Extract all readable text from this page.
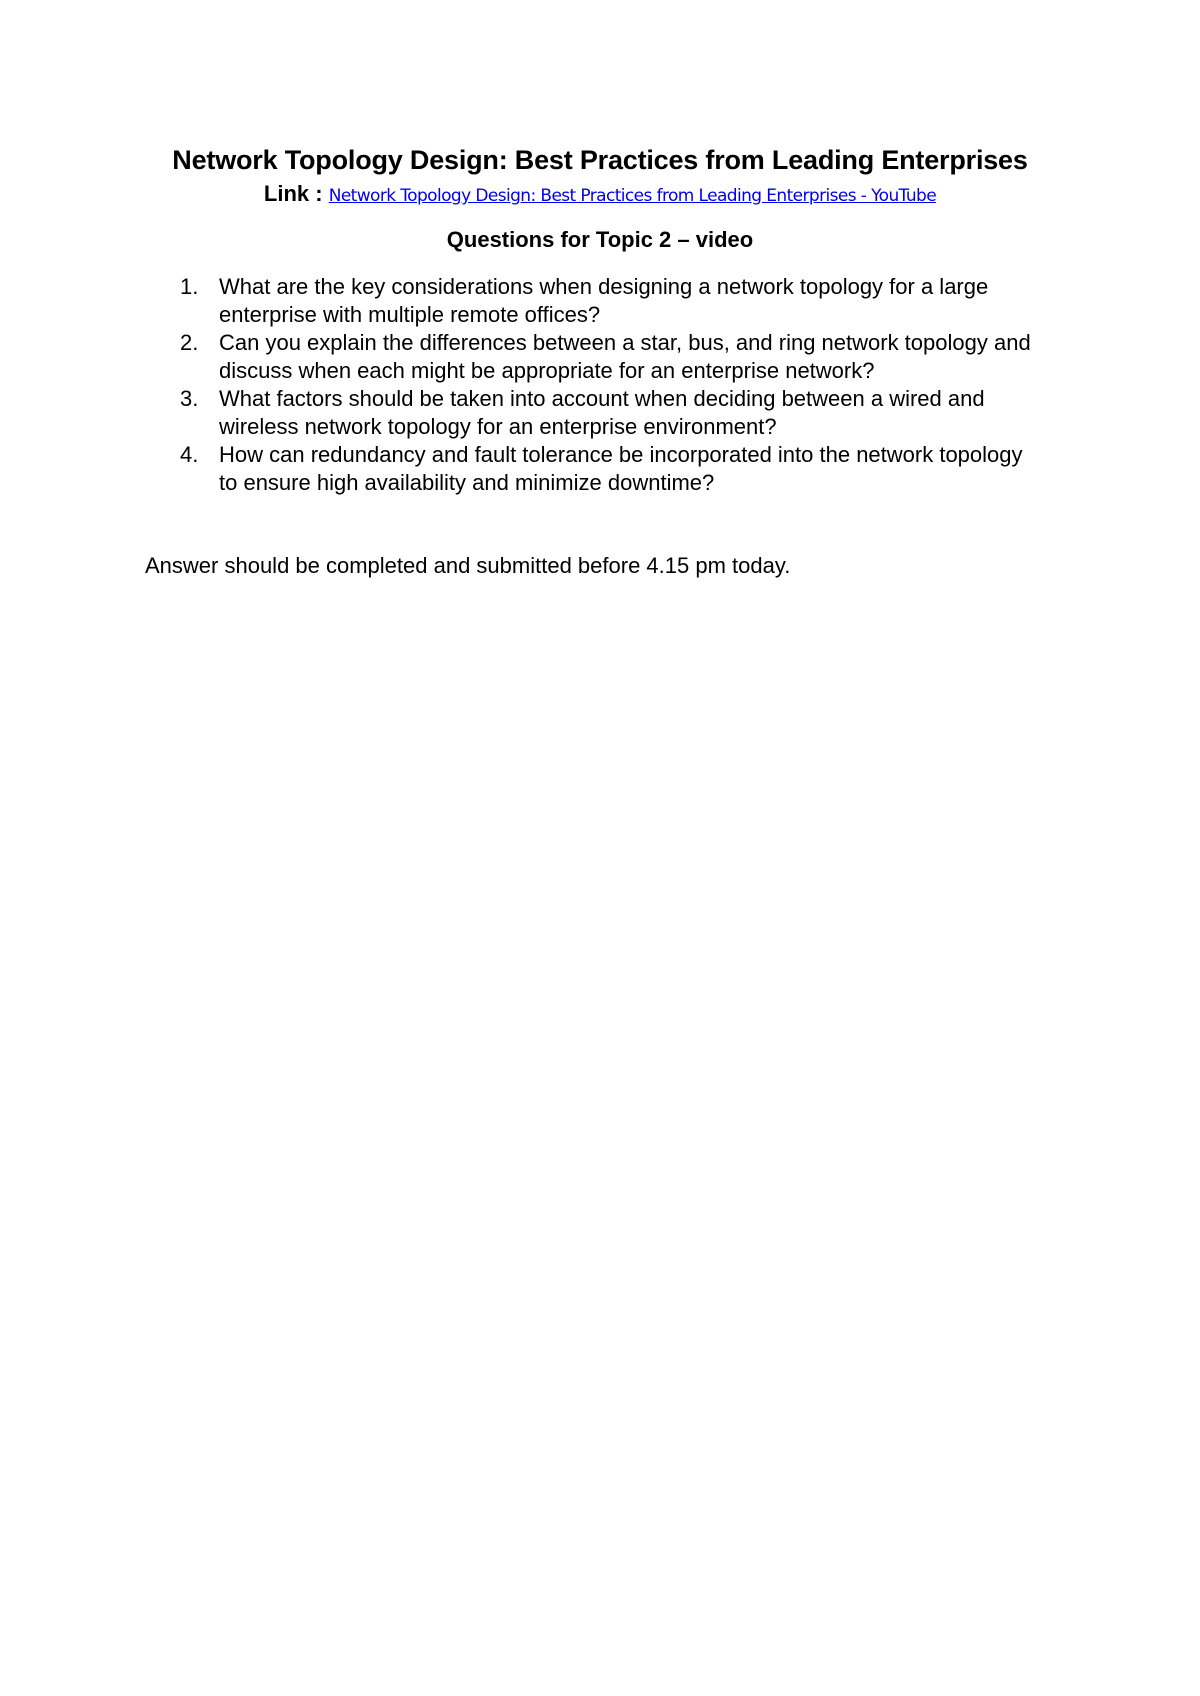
Network Topology Design: Best Practices from Leading Enterprises
Link : Network Topology Design: Best Practices from Leading Enterprises - YouTube
Questions for Topic 2 – video
1. What are the key considerations when designing a network topology for a large enterprise with multiple remote offices?
2. Can you explain the differences between a star, bus, and ring network topology and discuss when each might be appropriate for an enterprise network?
3. What factors should be taken into account when deciding between a wired and wireless network topology for an enterprise environment?
4. How can redundancy and fault tolerance be incorporated into the network topology to ensure high availability and minimize downtime?

Answer should be completed and submitted before 4.15 pm today.
